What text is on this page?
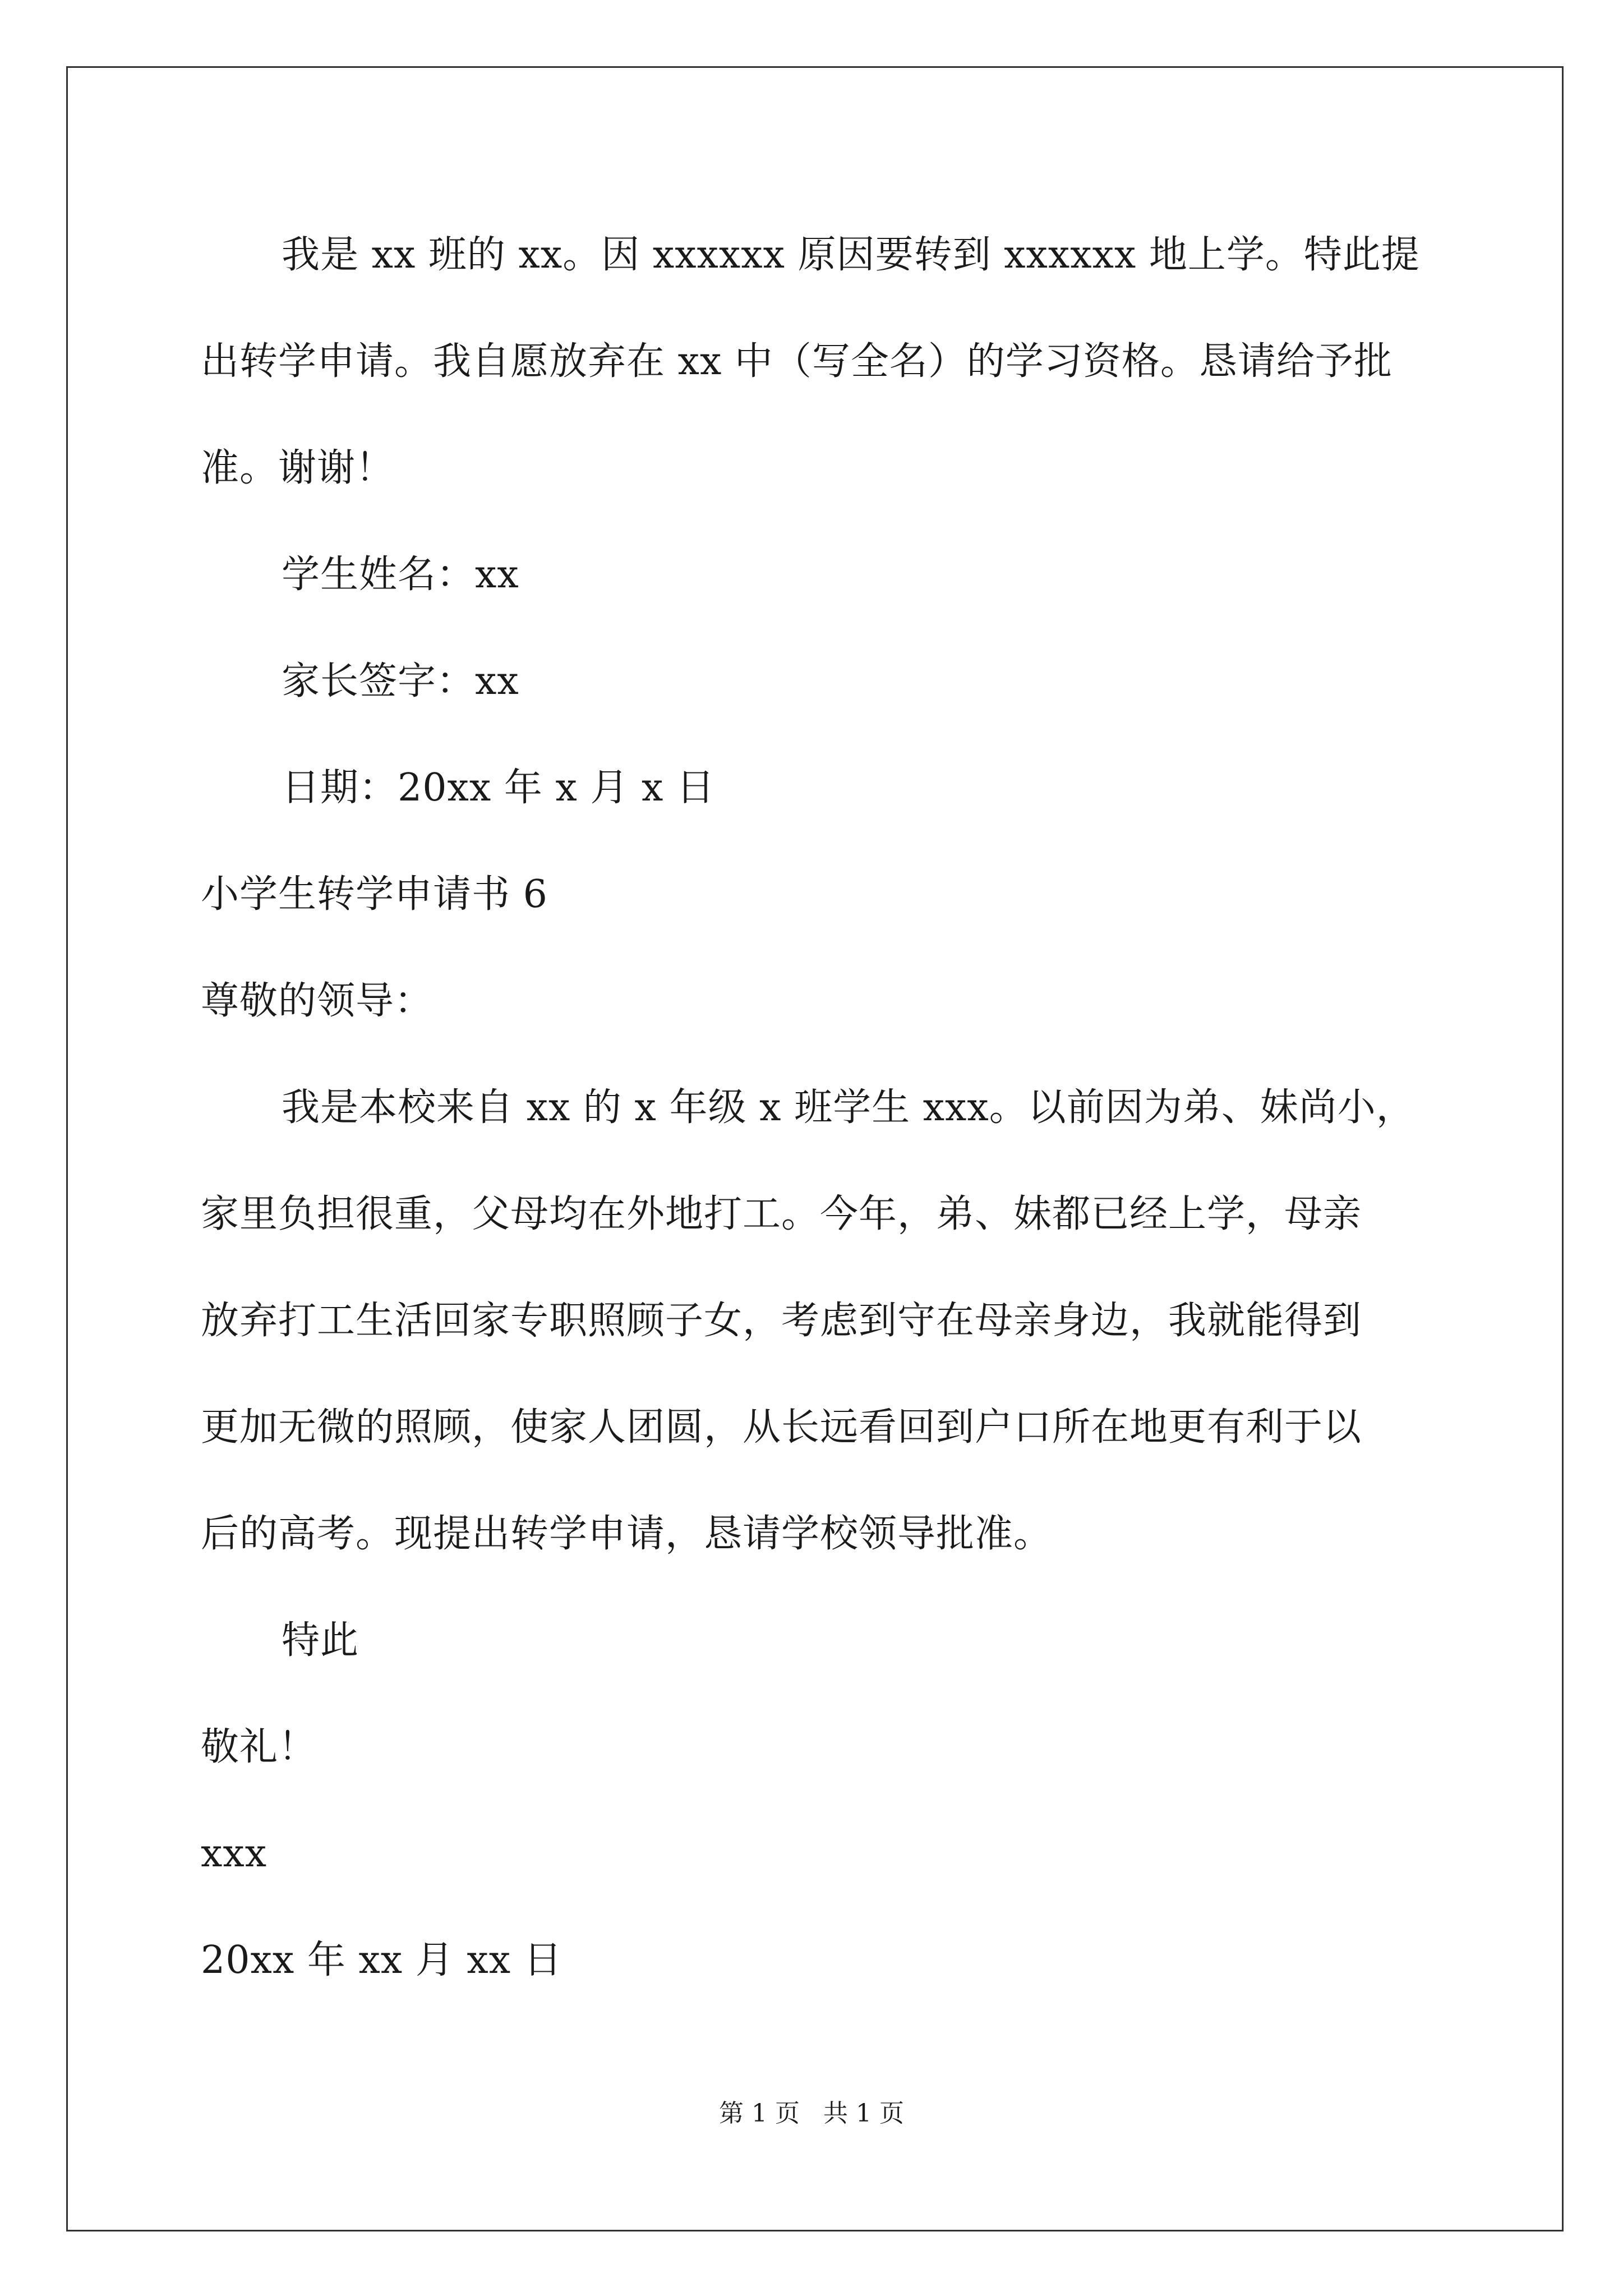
我是 xx 班的 xx。因 xxxxxx 原因要转到 xxxxxx 地上学。特此提
出转学申请。我自愿放弃在 xx 中（写全名）的学习资格。恳请给予批
准。谢谢！
学生姓名：xx
家长签字：xx
日期：20xx 年 x 月 x 日
小学生转学申请书 6
尊敬的领导：
我是本校来自 xx 的 x 年级 x 班学生 xxx。以前因为弟、妹尚小，
家里负担很重，父母均在外地打工。今年，弟、妹都已经上学，母亲
放弃打工生活回家专职照顾子女，考虑到守在母亲身边，我就能得到
更加无微的照顾，使家人团圆，从长远看回到户口所在地更有利于以
后的高考。现提出转学申请，恳请学校领导批准。
特此
敬礼！
xxx
20xx 年 xx 月 xx 日
第 1 页 共 1 页
